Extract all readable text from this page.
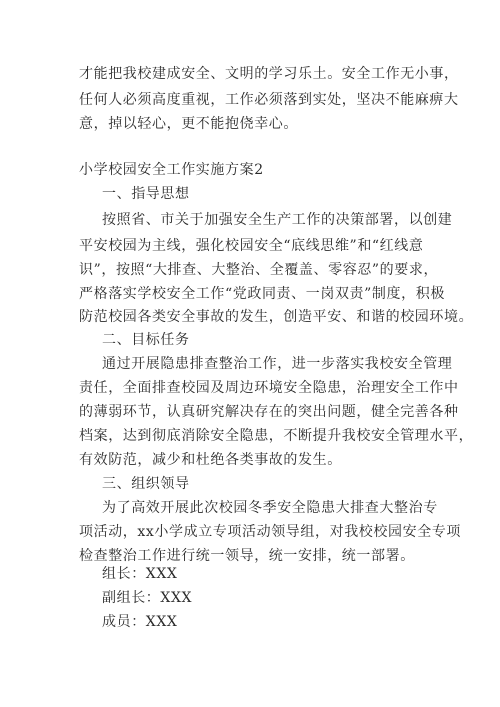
才能把我校建成安全、文明的学习乐土。安全工作无小事，
任何人必须高度重视，工作必须落到实处，坚决不能麻痹大
意，掉以轻心，更不能抱侥幸心。
小学校园安全工作实施方案2
一、指导思想
按照省、市关于加强安全生产工作的决策部署，以创建
平安校园为主线，强化校园安全“底线思维”和“红线意
识”，按照“大排查、大整治、全覆盖、零容忍”的要求，
严格落实学校安全工作“党政同责、一岗双责”制度，积极
防范校园各类安全事故的发生，创造平安、和谐的校园环境。
二、目标任务
通过开展隐患排查整治工作，进一步落实我校安全管理
责任，全面排查校园及周边环境安全隐患，治理安全工作中
的薄弱环节，认真研究解决存在的突出问题，健全完善各种
档案，达到彻底消除安全隐患，不断提升我校安全管理水平，
有效防范，减少和杜绝各类事故的发生。
三、组织领导
为了高效开展此次校园冬季安全隐患大排查大整治专
项活动，xx小学成立专项活动领导组，对我校校园安全专项
检查整治工作进行统一领导，统一安排，统一部署。
组长：XXX
副组长：XXX
成员：XXX
